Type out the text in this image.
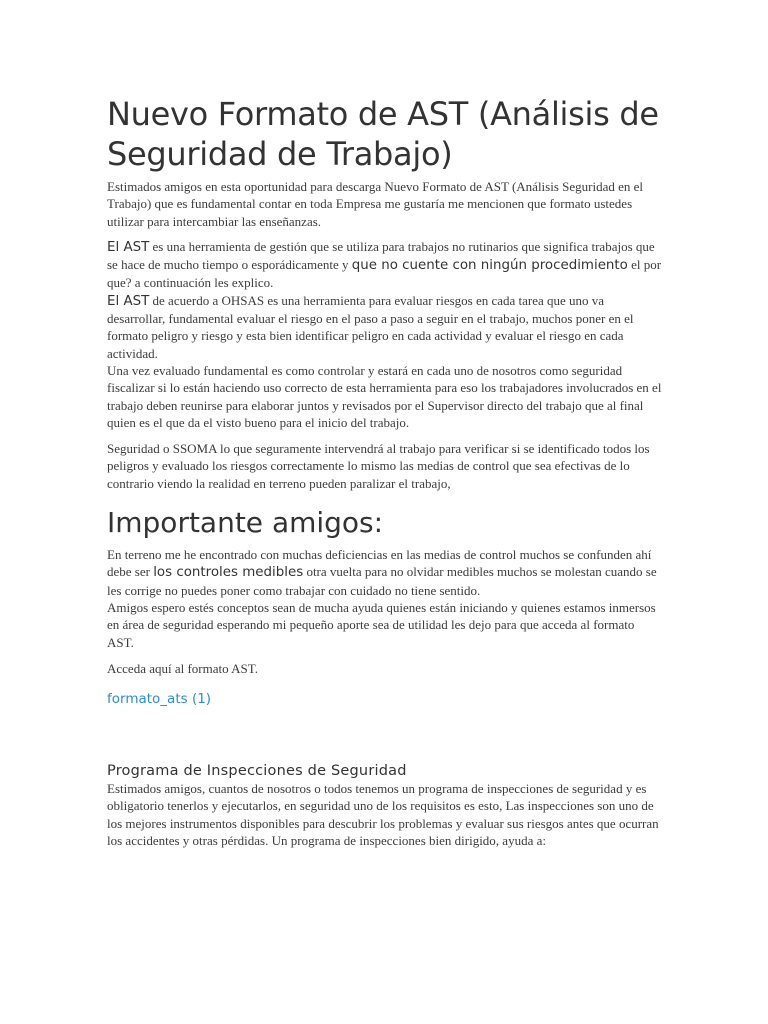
Nuevo Formato de AST (Análisis de Seguridad de Trabajo)

Estimados amigos en esta oportunidad para descarga Nuevo Formato de AST (Análisis Seguridad en el Trabajo) que es fundamental contar en toda Empresa me gustaría me mencionen que formato ustedes utilizar para intercambiar las enseñanzas.

El AST es una herramienta de gestión que se utiliza para trabajos no rutinarios que significa trabajos que se hace de mucho tiempo o esporádicamente y que no cuente con ningún procedimiento el por que? a continuación les explico.

El AST de acuerdo a OHSAS es una herramienta para evaluar riesgos en cada tarea que uno va desarrollar, fundamental evaluar el riesgo en el paso a paso a seguir en el trabajo, muchos poner en el formato peligro y riesgo y esta bien identificar peligro en cada actividad y evaluar el riesgo en cada actividad.

Una vez evaluado fundamental es como controlar y estará en cada uno de nosotros como seguridad fiscalizar si lo están haciendo uso correcto de esta herramienta para eso los trabajadores involucrados en el trabajo deben reunirse para elaborar juntos y revisados por el Supervisor directo del trabajo que al final quien es el que da el visto bueno para el inicio del trabajo.

Seguridad o SSOMA lo que seguramente intervendrá al trabajo para verificar si se identificado todos los peligros y evaluado los riesgos correctamente lo mismo las medias de control que sea efectivas de lo contrario viendo la realidad en terreno pueden paralizar el trabajo,

Importante amigos:

En terreno me he encontrado con muchas deficiencias en las medias de control muchos se confunden ahí debe ser los controles medibles otra vuelta para no olvidar medibles muchos se molestan cuando se les corrige no puedes poner como trabajar con cuidado no tiene sentido.

Amigos espero estés conceptos sean de mucha ayuda quienes están iniciando y quienes estamos inmersos en área de seguridad esperando mi pequeño aporte sea de utilidad les dejo para que acceda al formato AST.

Acceda aquí al formato AST.

formato_ats (1)
Programa de Inspecciones de Seguridad

Estimados amigos, cuantos de nosotros o todos tenemos un programa de inspecciones de seguridad y es obligatorio tenerlos y ejecutarlos, en seguridad uno de los requisitos es esto, Las inspecciones son uno de los mejores instrumentos disponibles para descubrir los problemas y evaluar sus riesgos antes que ocurran los accidentes y otras pérdidas. Un programa de inspecciones bien dirigido, ayuda a:
